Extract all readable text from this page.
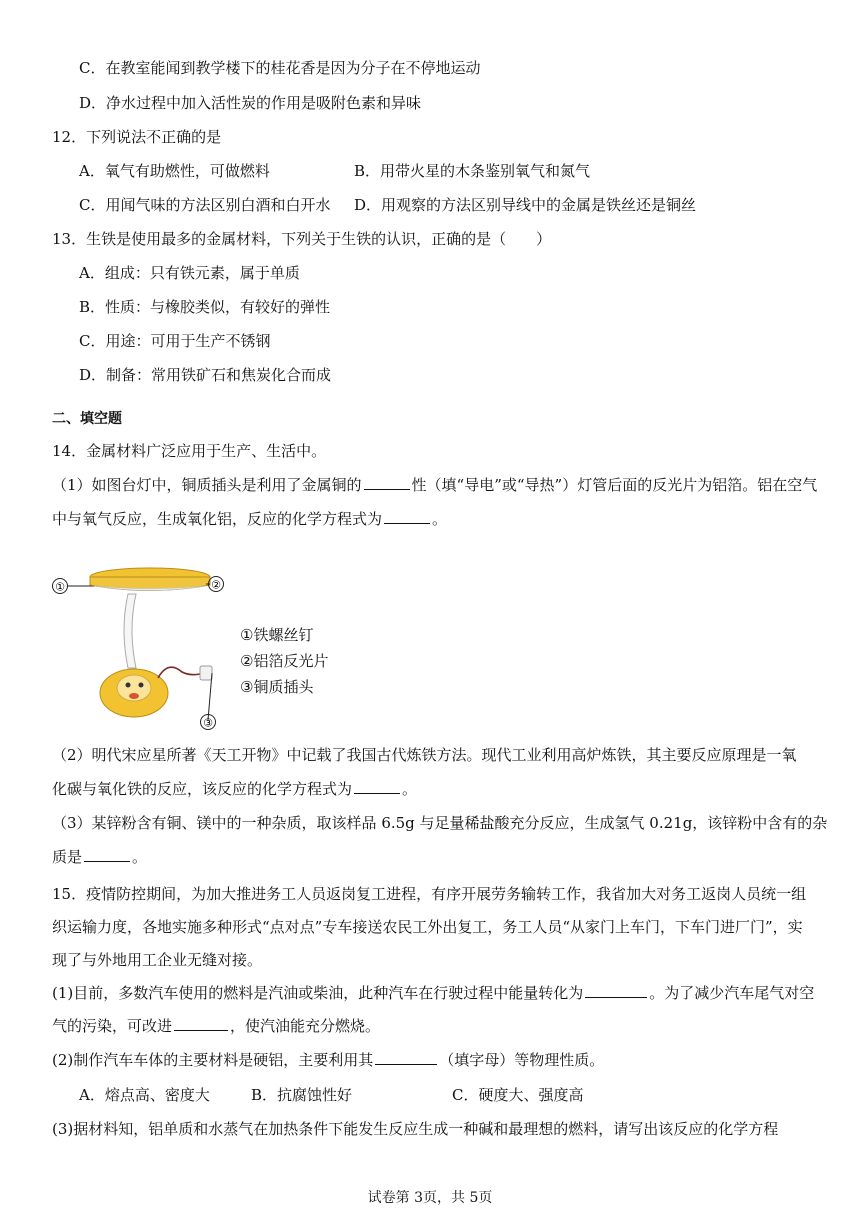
C．在教室能闻到教学楼下的桂花香是因为分子在不停地运动
D．净水过程中加入活性炭的作用是吸附色素和异味
12．下列说法不正确的是
A．氧气有助燃性，可做燃料	B．用带火星的木条鉴别氧气和氮气
C．用闻气味的方法区别白酒和白开水 D．用观察的方法区别导线中的金属是铁丝还是铜丝
13．生铁是使用最多的金属材料，下列关于生铁的认识，正确的是（　　）
A．组成：只有铁元素，属于单质
B．性质：与橡胶类似，有较好的弹性
C．用途：可用于生产不锈钢
D．制备：常用铁矿石和焦炭化合而成
二、填空题
14．金属材料广泛应用于生产、生活中。
（1）如图台灯中，铜质插头是利用了金属铜的	性（填“导电”或“导热”）灯管后面的反光片为铝箔。铝在空气
中与氧气反应，生成氧化铝，反应的化学方程式为	。
①	②
③
①铁螺丝钉
②铝箔反光片
③铜质插头
（2）明代宋应星所著《天工开物》中记载了我国古代炼铁方法。现代工业利用高炉炼铁，其主要反应原理是一氧
化碳与氧化铁的反应，该反应的化学方程式为	。
（3）某锌粉含有铜、镁中的一种杂质，取该样品 6.5g 与足量稀盐酸充分反应，生成氢气 0.21g，该锌粉中含有的杂
质是	。
15．疫情防控期间，为加大推进务工人员返岗复工进程，有序开展劳务输转工作，我省加大对务工返岗人员统一组
织运输力度，各地实施多种形式“点对点”专车接送农民工外出复工，务工人员“从家门上车门，下车门进厂门”，实
现了与外地用工企业无缝对接。
(1)目前，多数汽车使用的燃料是汽油或柴油，此种汽车在行驶过程中能量转化为	。为了减少汽车尾气对空
气的污染，可改进	，使汽油能充分燃烧。
(2)制作汽车车体的主要材料是硬铝，主要利用其	（填字母）等物理性质。
A．熔点高、密度大	B．抗腐蚀性好	C．硬度大、强度高
(3)据材料知，铝单质和水蒸气在加热条件下能发生反应生成一种碱和最理想的燃料，请写出该反应的化学方程
试卷第 3页，共 5页
